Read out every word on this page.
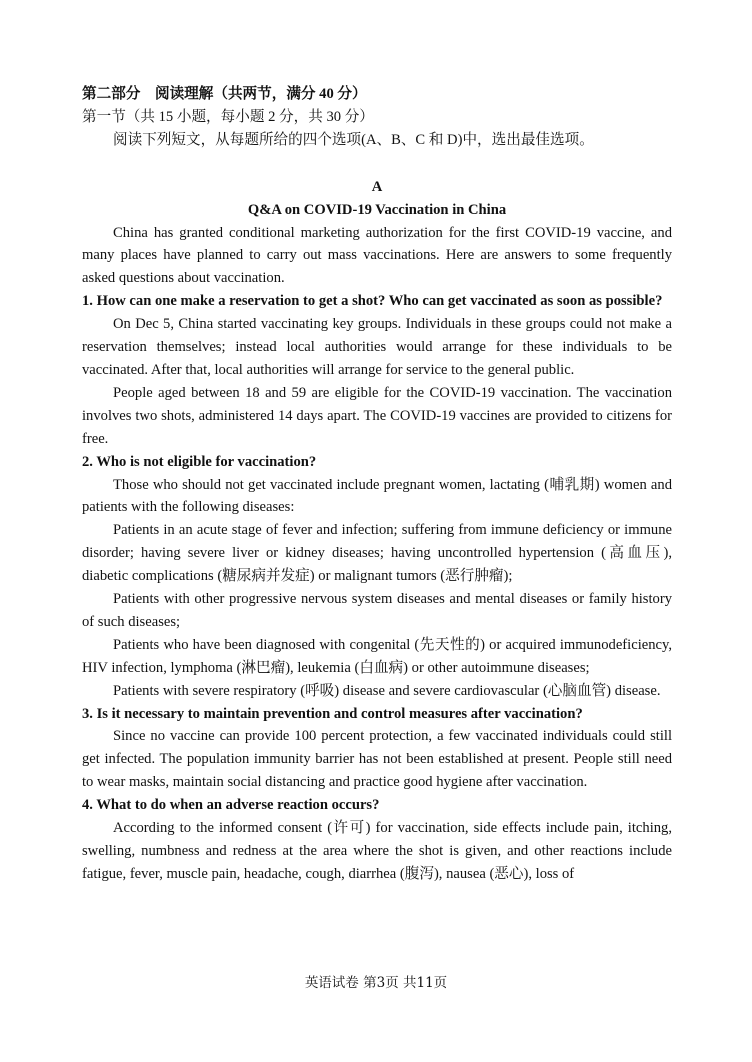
第二部分　阅读理解（共两节，满分 40 分）

第一节（共 15 小题，每小题 2 分，共 30 分）

阅读下列短文，从每题所给的四个选项(A、B、C 和 D)中，选出最佳选项。

A

Q&A on COVID-19 Vaccination in China

China has granted conditional marketing authorization for the first COVID-19 vaccine, and many places have planned to carry out mass vaccinations. Here are answers to some frequently asked questions about vaccination.

1. How can one make a reservation to get a shot? Who can get vaccinated as soon as possible?

On Dec 5, China started vaccinating key groups. Individuals in these groups could not make a reservation themselves; instead local authorities would arrange for these individuals to be vaccinated. After that, local authorities will arrange for service to the general public.

People aged between 18 and 59 are eligible for the COVID-19 vaccination. The vaccination involves two shots, administered 14 days apart. The COVID-19 vaccines are provided to citizens for free.

2. Who is not eligible for vaccination?

Those who should not get vaccinated include pregnant women, lactating (哺乳期) women and patients with the following diseases:

Patients in an acute stage of fever and infection; suffering from immune deficiency or immune disorder; having severe liver or kidney diseases; having uncontrolled hypertension (高血压), diabetic complications (糖尿病并发症) or malignant tumors (恶行肿瘤);

Patients with other progressive nervous system diseases and mental diseases or family history of such diseases;

Patients who have been diagnosed with congenital (先天性的) or acquired immunodeficiency, HIV infection, lymphoma (淋巴瘤), leukemia (白血病) or other autoimmune diseases;

Patients with severe respiratory (呼吸) disease and severe cardiovascular (心脑血管) disease.

3. Is it necessary to maintain prevention and control measures after vaccination?

Since no vaccine can provide 100 percent protection, a few vaccinated individuals could still get infected. The population immunity barrier has not been established at present. People still need to wear masks, maintain social distancing and practice good hygiene after vaccination.

4. What to do when an adverse reaction occurs?

According to the informed consent (许可) for vaccination, side effects include pain, itching, swelling, numbness and redness at the area where the shot is given, and other reactions include fatigue, fever, muscle pain, headache, cough, diarrhea (腹泻), nausea (恶心), loss of

英语试卷 第3页 共11页
